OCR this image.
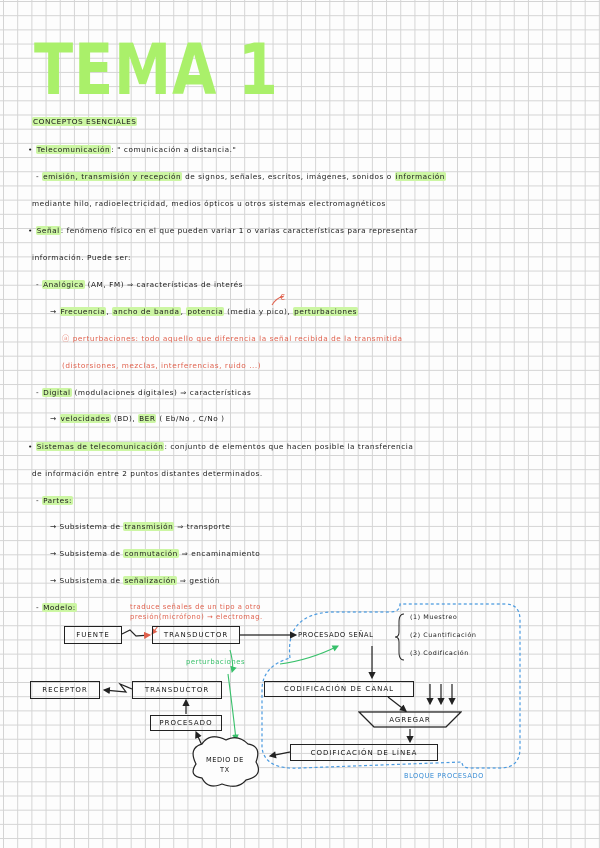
TEMA 1
CONCEPTOS ESENCIALES
• Telecomunicación: " comunicación a distancia."
- emisión, transmisión y recepción de signos, señales, escritos, imágenes, sonidos o información
mediante hilo, radioelectricidad, medios ópticos u otros sistemas electromagnéticos
• Señal: fenómeno físico en el que pueden variar 1 o varias características para representar
información. Puede ser:
- Analógica (AM, FM) ⇒ características de interés
€
→ Frecuencia, ancho de banda, potencia (media y pico), perturbaciones
ⓐ perturbaciones: todo aquello que diferencia la señal recibida de la transmitida
(distorsiones, mezclas, interferencias, ruido ...)
- Digital (modulaciones digitales) ⇒ características
→ velocidades (BD), BER ( Eb/No , C/No )
• Sistemas de telecomunicación: conjunto de elementos que hacen posible la transferencia
de información entre 2 puntos distantes determinados.
- Partes:
→ Subsistema de transmisión ⇒ transporte
→ Subsistema de conmutación ⇒ encaminamiento
→ Subsistema de señalización ⇒ gestión
- Modelo:	traduce señales de un tipo a otro
presión(micrófono) → electromag.
FUENTE	TRANSDUCTOR	PROCESADO SEÑAL
(1) Muestreo
(2) Cuantificación
(3) Codificación
perturbaciones
RECEPTOR	TRANSDUCTOR	CODIFICACIÓN DE CANAL
PROCESADO	AGREGAR
CODIFICACIÓN DE LÍNEA
MEDIO DE
TX
BLOQUE PROCESADO
